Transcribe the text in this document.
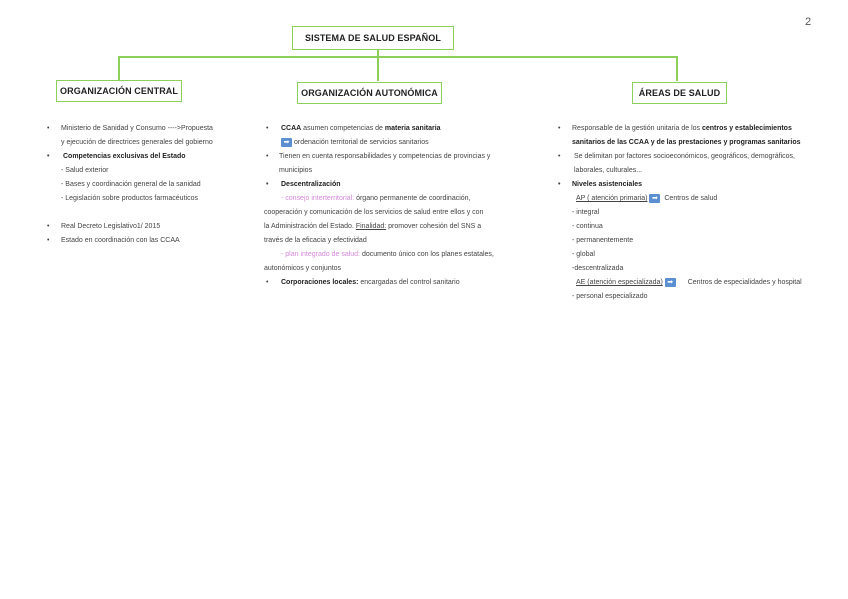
2
SISTEMA DE SALUD ESPAÑOL
ORGANIZACIÓN CENTRAL	ORGANIZACIÓN AUTONÓMICA	ÁREAS DE SALUD
• Ministerio de Sanidad y Consumo ---->Propuesta
y ejecución de directrices generales del gobierno
• Competencias exclusivas del Estado
- Salud exterior
- Bases y coordinación general de la sanidad
- Legislación sobre productos farmacéuticos
• Real Decreto Legislativo1/ 2015
• Estado en coordinación con las CCAA
• CCAA asumen competencias de materia sanitaria
➡ ordenación territorial de servicios sanitarios
• Tienen en cuenta responsabilidades y competencias de provincias y
municipios
• Descentralización
- consejo interterritorial: órgano permanente de coordinación,
cooperación y comunicación de los servicios de salud entre ellos y con
la Administración del Estado. Finalidad: promover cohesión del SNS a
través de la eficacia y efectividad
- plan integrado de salud: documento único con los planes estatales,
autonómicos y conjuntos
• Corporaciones locales: encargadas del control sanitario
• Responsable de la gestión unitaria de los centros y establecimientos
sanitarios de las CCAA y de las prestaciones y programas sanitarios
• Se delimitan por factores socioeconómicos, geográficos, demográficos,
laborales, culturales...
• Niveles asistenciales
AP ( atención primaria) ➡ Centros de salud
- integral
- continua
- permanentemente
- global
-descentralizada
AE (atención especializada) ➡ Centros de especialidades y hospital
- personal especializado
